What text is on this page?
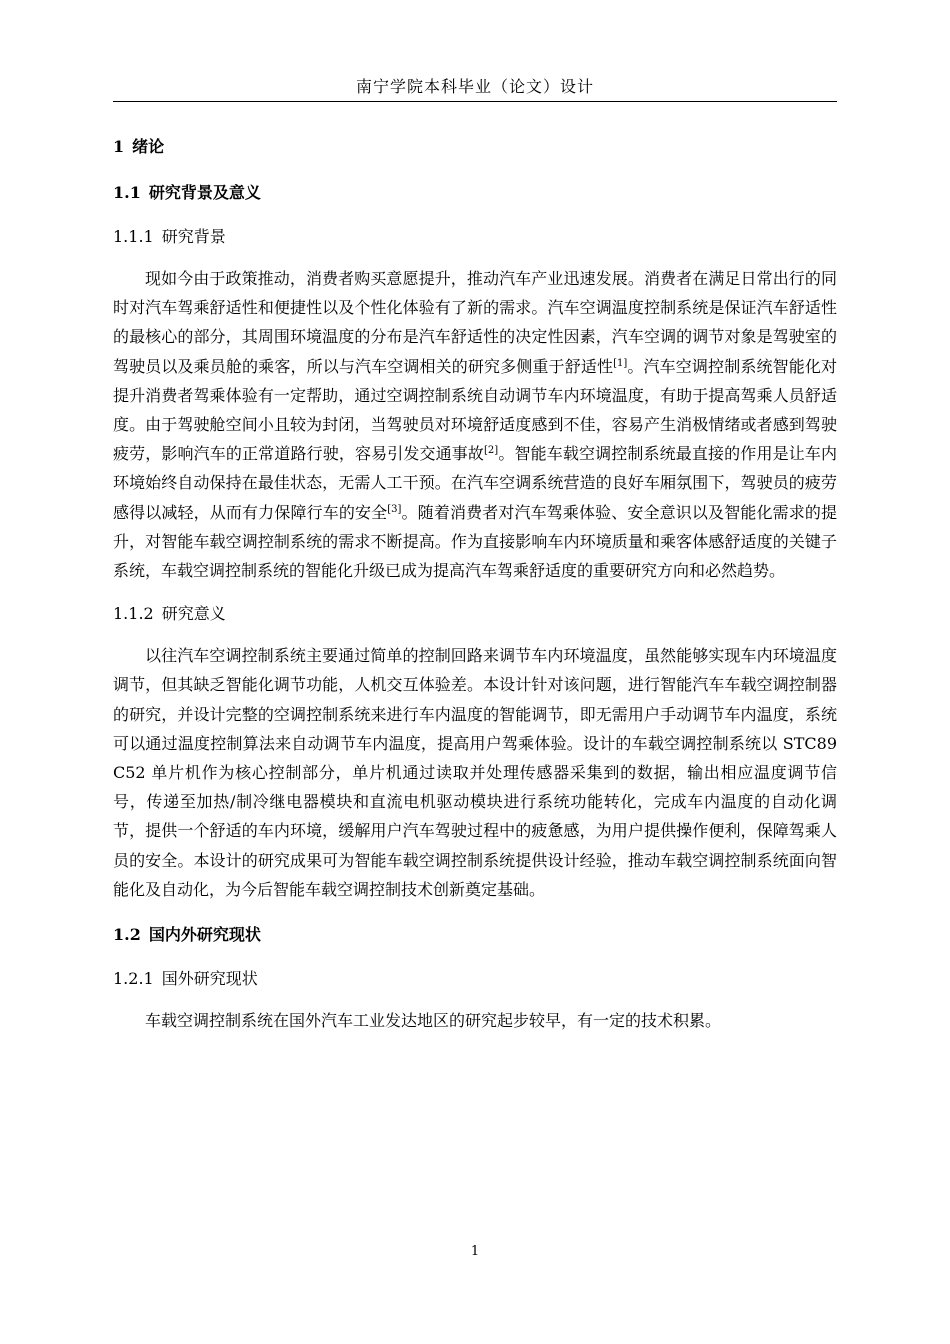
南宁学院本科毕业（论文）设计
1 绪论
1.1 研究背景及意义
1.1.1 研究背景

现如今由于政策推动，消费者购买意愿提升，推动汽车产业迅速发展。消费者在满足日常出行的同时对汽车驾乘舒适性和便捷性以及个性化体验有了新的需求。汽车空调温度控制系统是保证汽车舒适性的最核心的部分，其周围环境温度的分布是汽车舒适性的决定性因素，汽车空调的调节对象是驾驶室的驾驶员以及乘员舱的乘客，所以与汽车空调相关的研究多侧重于舒适性[1]。汽车空调控制系统智能化对提升消费者驾乘体验有一定帮助，通过空调控制系统自动调节车内环境温度，有助于提高驾乘人员舒适度。由于驾驶舱空间小且较为封闭，当驾驶员对环境舒适度感到不佳，容易产生消极情绪或者感到驾驶疲劳，影响汽车的正常道路行驶，容易引发交通事故[2]。智能车载空调控制系统最直接的作用是让车内环境始终自动保持在最佳状态，无需人工干预。在汽车空调系统营造的良好车厢氛围下，驾驶员的疲劳感得以减轻，从而有力保障行车的安全[3]。随着消费者对汽车驾乘体验、安全意识以及智能化需求的提升，对智能车载空调控制系统的需求不断提高。作为直接影响车内环境质量和乘客体感舒适度的关键子系统，车载空调控制系统的智能化升级已成为提高汽车驾乘舒适度的重要研究方向和必然趋势。

1.1.2 研究意义

以往汽车空调控制系统主要通过简单的控制回路来调节车内环境温度，虽然能够实现车内环境温度调节，但其缺乏智能化调节功能，人机交互体验差。本设计针对该问题，进行智能汽车车载空调控制器的研究，并设计完整的空调控制系统来进行车内温度的智能调节，即无需用户手动调节车内温度，系统可以通过温度控制算法来自动调节车内温度，提高用户驾乘体验。设计的车载空调控制系统以 STC89C52 单片机作为核心控制部分，单片机通过读取并处理传感器采集到的数据，输出相应温度调节信号，传递至加热/制冷继电器模块和直流电机驱动模块进行系统功能转化，完成车内温度的自动化调节，提供一个舒适的车内环境，缓解用户汽车驾驶过程中的疲惫感，为用户提供操作便利，保障驾乘人员的安全。本设计的研究成果可为智能车载空调控制系统提供设计经验，推动车载空调控制系统面向智能化及自动化，为今后智能车载空调控制技术创新奠定基础。

1.2 国内外研究现状
1.2.1 国外研究现状

车载空调控制系统在国外汽车工业发达地区的研究起步较早，有一定的技术积累。

1
